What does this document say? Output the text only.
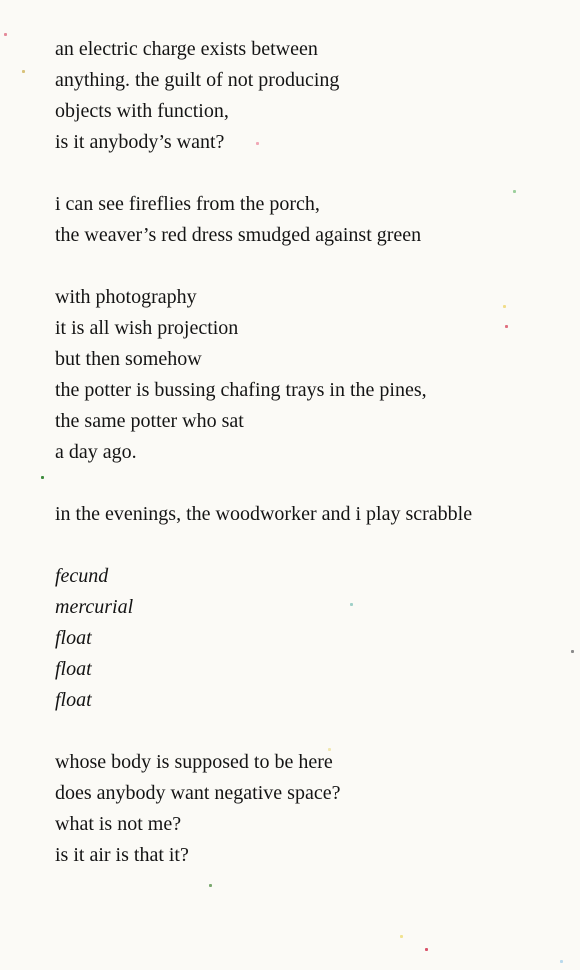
an electric charge exists between
anything. the guilt of not producing
objects with function,
is it anybody’s want?
i can see fireflies from the porch,
the weaver’s red dress smudged against green
with photography
it is all wish projection
but then somehow
the potter is bussing chafing trays in the pines,
the same potter who sat
a day ago.
in the evenings, the woodworker and i play scrabble
fecund
mercurial
float
float
float
whose body is supposed to be here
does anybody want negative space?
what is not me?
is it air is that it?
